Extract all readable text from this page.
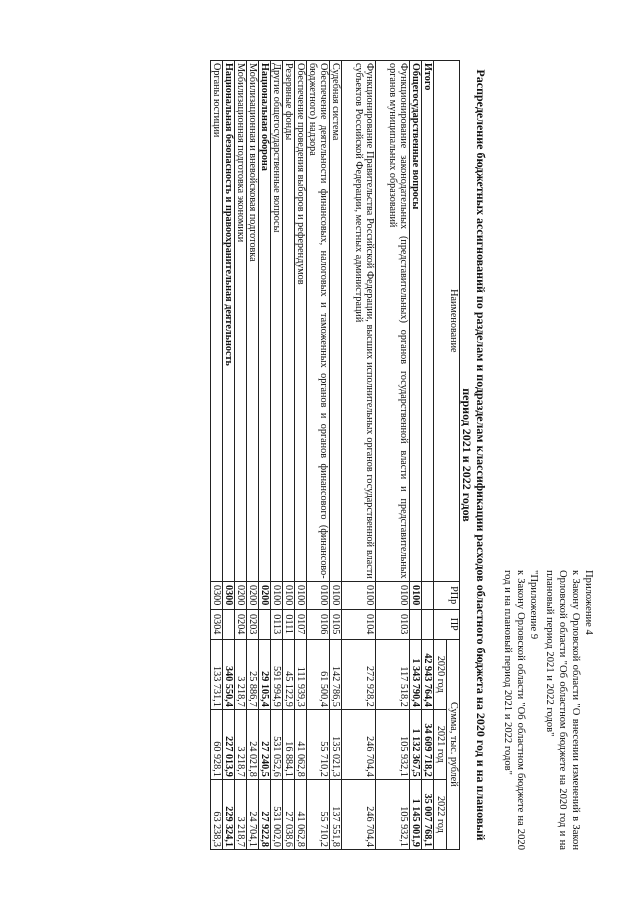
Приложение 4

к Закону Орловской области "О внесении изменений в Закон Орловской области "Об областном бюджете на 2020 год и на плановый период 2021 и 2022 годов"

"Приложение 9

к Закону Орловской области "Об областном бюджете на 2020 год и на плановый период 2021 и 2022 годов"

Распределение бюджетных ассигнований по разделам и подразделам классификации расходов областного бюджета на 2020 год и на плановый период 2021 и 2022 годов
Наименование	РПр	ПР	Сумма, тыс. рублей		
			2020 год	2021 год	2022 год
Итого			42 943 764,4	34 609 718,2	35 007 768,1
Общегосударственные вопросы	0100		1 343 790,4	1 132 367,5	1 145 001,9
Функционирование законодательных (представительных) органов государственной власти и представительных органов муниципальных образований	0100	0103	117 518,2	105 932,1	105 932,1
Функционирование Правительства Российской Федерации, высших исполнительных органов государственной власти субъектов Российской Федерации, местных администраций	0100	0104	272 928,2	246 704,4	246 704,4
Судебная система	0100	0105	142 786,5	135 021,3	137 551,8
Обеспечение деятельности финансовых, налоговых и таможенных органов и органов финансового (финансово-бюджетного) надзора	0100	0106	61 500,4	55 710,2	55 710,2
Обеспечение проведения выборов и референдумов	0100	0107	111 939,3	41 062,8	41 062,8
Резервные фонды	0100	0111	45 122,9	16 884,1	27 038,6
Другие общегосударственные вопросы	0100	0113	591 994,9	531 052,6	531 002,0
Национальная оборона	0200		29 105,4	27 240,5	27 922,8
Мобилизационная и вневойсковая подготовка	0200	0203	25 886,7	24 021,8	24 704,1
Мобилизационная подготовка экономики	0200	0204	3 218,7	3 218,7	3 218,7
Национальная безопасность и правоохранительная деятельность	0300		340 550,4	227 013,9	229 324,1
Органы юстиции	0300	0304	133 731,1	60 928,1	63 238,3
